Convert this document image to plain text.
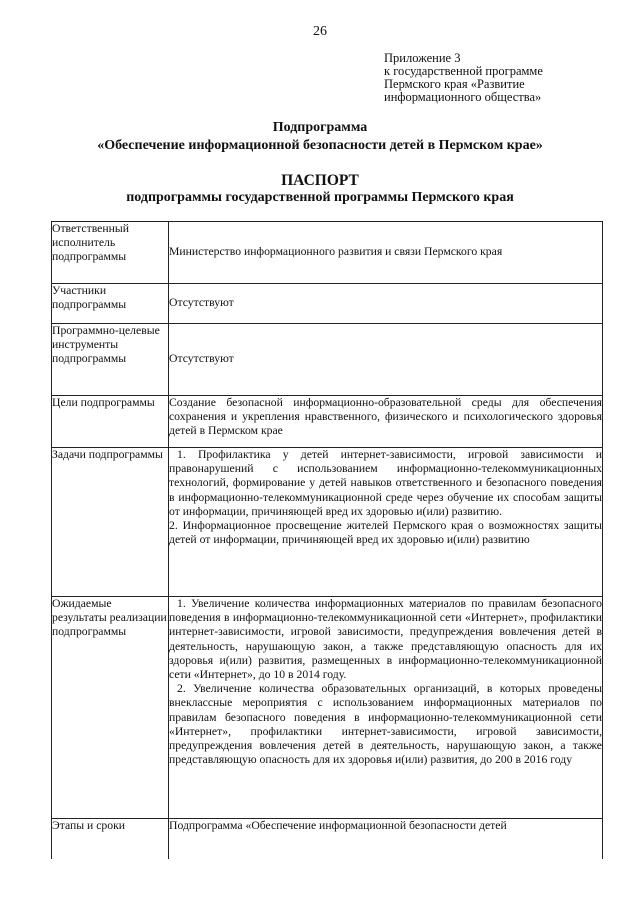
26
Приложение 3
к государственной программе
Пермского края «Развитие
информационного общества»
Подпрограмма
«Обеспечение информационной безопасности детей в Пермском крае»
ПАСПОРТ
подпрограммы государственной программы Пермского края
Ответственный исполнитель подпрограммы	Министерство информационного развития и связи Пермского края

Участники подпрограммы	Отсутствуют

Программно-целевые инструменты подпрограммы	Отсутствуют

Цели подпрограммы	Создание безопасной информационно-образовательной среды для обеспечения сохранения и укрепления нравственного, физического и психологического здоровья детей в Пермском крае

Задачи подпрограммы	1. Профилактика у детей интернет-зависимости, игровой зависимости и правонарушений с использованием информационно-телекоммуникационных технологий, формирование у детей навыков ответственного и безопасного поведения в информационно-телекоммуникационной среде через обучение их способам защиты от информации, причиняющей вред их здоровью и(или) развитию.
2. Информационное просвещение жителей Пермского края о возможностях защиты детей от информации, причиняющей вред их здоровью и(или) развитию

Ожидаемые результаты реализации подпрограммы	1. Увеличение количества информационных материалов по правилам безопасного поведения в информационно-телекоммуникационной сети «Интернет», профилактики интернет-зависимости, игровой зависимости, предупреждения вовлечения детей в деятельность, нарушающую закон, а также представляющую опасность для их здоровья и(или) развития, размещенных в информационно-телекоммуникационной сети «Интернет», до 10 в 2014 году.
2. Увеличение количества образовательных организаций, в которых проведены внеклассные мероприятия с использованием информационных материалов по правилам безопасного поведения в информационно-телекоммуникационной сети «Интернет», профилактики интернет-зависимости, игровой зависимости, предупреждения вовлечения детей в деятельность, нарушающую закон, а также представляющую опасность для их здоровья и(или) развития, до 200 в 2016 году

Этапы и сроки	Подпрограмма «Обеспечение информационной безопасности детей
